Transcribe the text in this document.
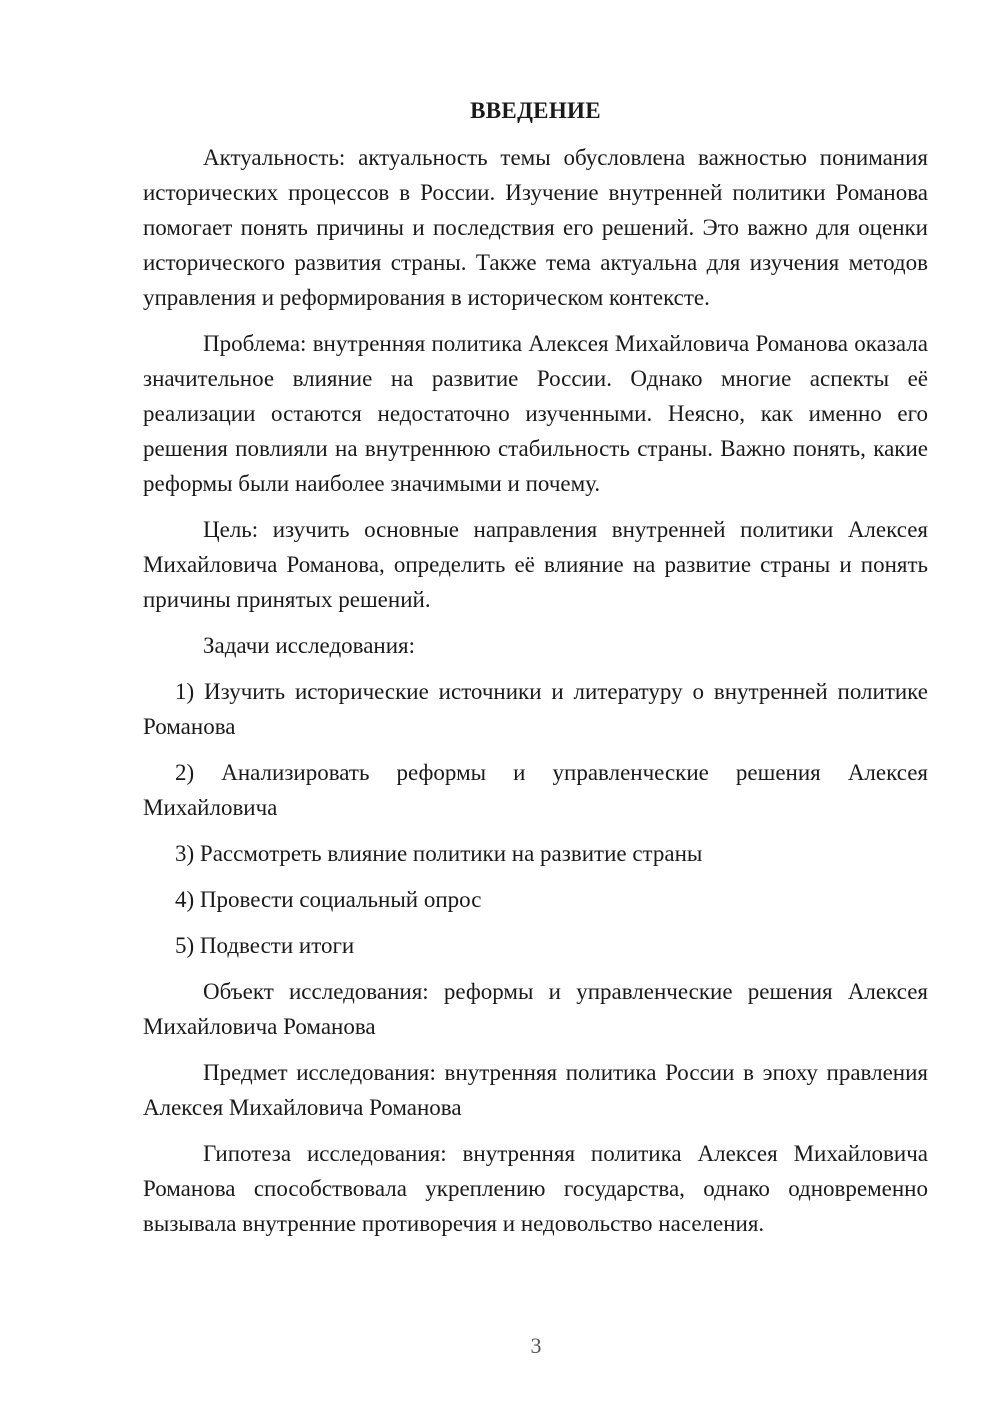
ВВЕДЕНИЕ

Актуальность: актуальность темы обусловлена важностью понимания исторических процессов в России. Изучение внутренней политики Романова помогает понять причины и последствия его решений. Это важно для оценки исторического развития страны. Также тема актуальна для изучения методов управления и реформирования в историческом контексте.

Проблема: внутренняя политика Алексея Михайловича Романова оказала значительное влияние на развитие России. Однако многие аспекты её реализации остаются недостаточно изученными. Неясно, как именно его решения повлияли на внутреннюю стабильность страны. Важно понять, какие реформы были наиболее значимыми и почему.

Цель: изучить основные направления внутренней политики Алексея Михайловича Романова, определить её влияние на развитие страны и понять причины принятых решений.

Задачи исследования:

1) Изучить исторические источники и литературу о внутренней политике Романова

2) Анализировать реформы и управленческие решения Алексея Михайловича

3) Рассмотреть влияние политики на развитие страны

4) Провести социальный опрос

5) Подвести итоги

Объект исследования: реформы и управленческие решения Алексея Михайловича Романова

Предмет исследования: внутренняя политика России в эпоху правления Алексея Михайловича Романова

Гипотеза исследования: внутренняя политика Алексея Михайловича Романова способствовала укреплению государства, однако одновременно вызывала внутренние противоречия и недовольство населения.

3
